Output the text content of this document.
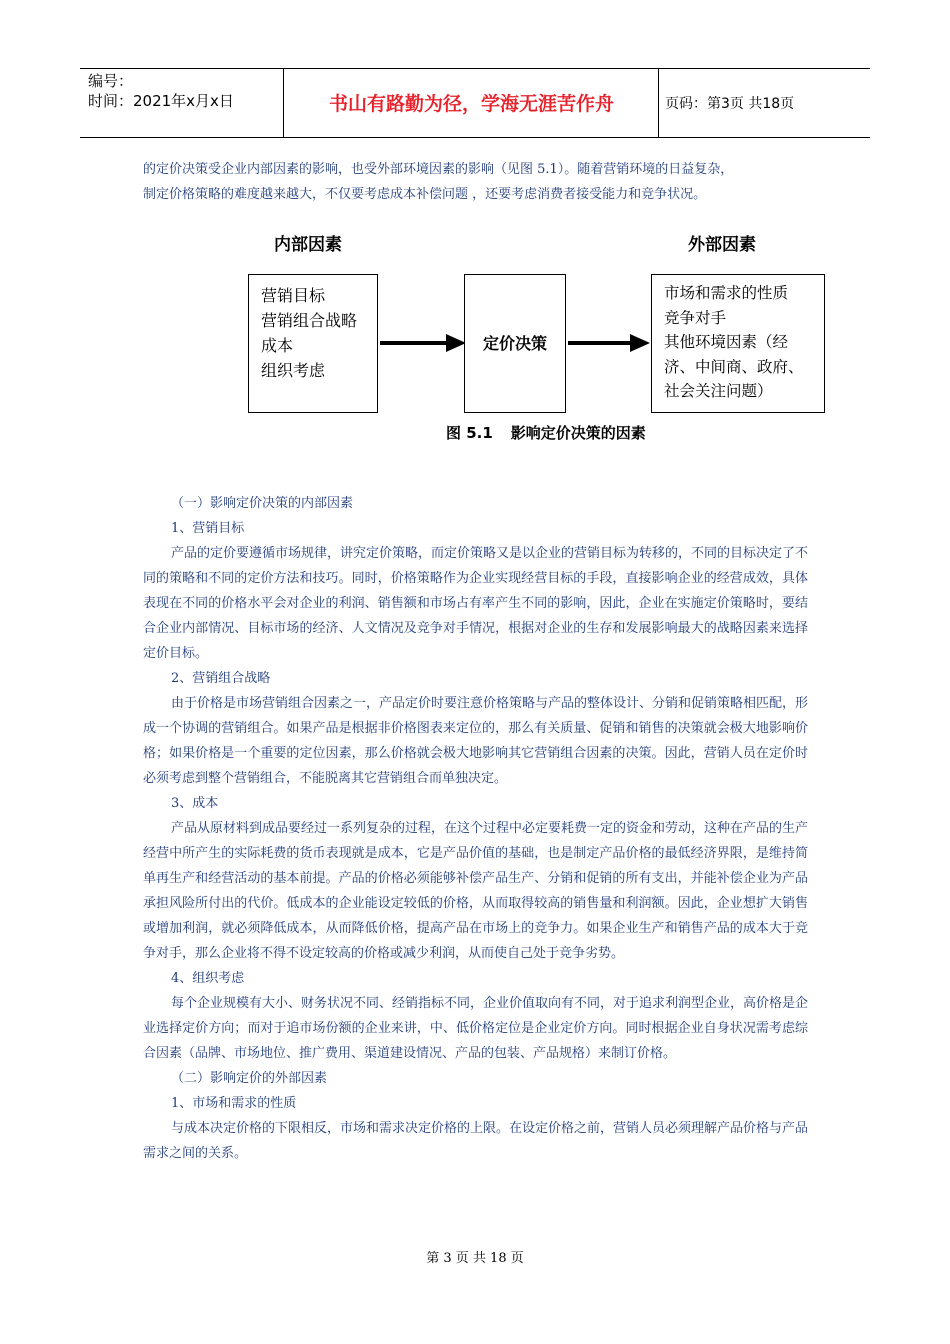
编号：
时间：2021年x月x日	书山有路勤为径，学海无涯苦作舟	页码：第3页 共18页

的定价决策受企业内部因素的影响，也受外部环境因素的影响（见图 5.1）。随着营销环境的日益复杂，

制定价格策略的难度越来越大，不仅要考虑成本补偿问题 ，还要考虑消费者接受能力和竞争状况。

内部因素	外部因素
营销目标
营销组合战略
成本
组织考虑
定价决策
市场和需求的性质
竞争对手
其他环境因素（经
济、中间商、政府、
社会关注问题）
图 5.1 影响定价决策的因素

（一）影响定价决策的内部因素

1、营销目标

产品的定价要遵循市场规律，讲究定价策略，而定价策略又是以企业的营销目标为转移的，不同的目标决定了不同的策略和不同的定价方法和技巧。同时，价格策略作为企业实现经营目标的手段，直接影响企业的经营成效，具体表现在不同的价格水平会对企业的利润、销售额和市场占有率产生不同的影响，因此，企业在实施定价策略时，要结合企业内部情况、目标市场的经济、人文情况及竞争对手情况，根据对企业的生存和发展影响最大的战略因素来选择定价目标。

2、营销组合战略

由于价格是市场营销组合因素之一，产品定价时要注意价格策略与产品的整体设计、分销和促销策略相匹配，形成一个协调的营销组合。如果产品是根据非价格图表来定位的，那么有关质量、促销和销售的决策就会极大地影响价格；如果价格是一个重要的定位因素，那么价格就会极大地影响其它营销组合因素的决策。因此，营销人员在定价时必须考虑到整个营销组合，不能脱离其它营销组合而单独决定。

3、成本

产品从原材料到成品要经过一系列复杂的过程，在这个过程中必定要耗费一定的资金和劳动，这种在产品的生产经营中所产生的实际耗费的货币表现就是成本，它是产品价值的基础，也是制定产品价格的最低经济界限，是维持简单再生产和经营活动的基本前提。产品的价格必须能够补偿产品生产、分销和促销的所有支出，并能补偿企业为产品承担风险所付出的代价。低成本的企业能设定较低的价格，从而取得较高的销售量和利润额。因此，企业想扩大销售或增加利润，就必须降低成本，从而降低价格，提高产品在市场上的竞争力。如果企业生产和销售产品的成本大于竞争对手，那么企业将不得不设定较高的价格或减少利润，从而使自己处于竞争劣势。

4、组织考虑

每个企业规模有大小、财务状况不同、经销指标不同，企业价值取向有不同，对于追求利润型企业，高价格是企业选择定价方向；而对于追市场份额的企业来讲，中、低价格定位是企业定价方向。同时根据企业自身状况需考虑综合因素（品牌、市场地位、推广费用、渠道建设情况、产品的包装、产品规格）来制订价格。

（二）影响定价的外部因素

1、市场和需求的性质

与成本决定价格的下限相反，市场和需求决定价格的上限。在设定价格之前，营销人员必须理解产品价格与产品需求之间的关系。

第 3 页 共 18 页
